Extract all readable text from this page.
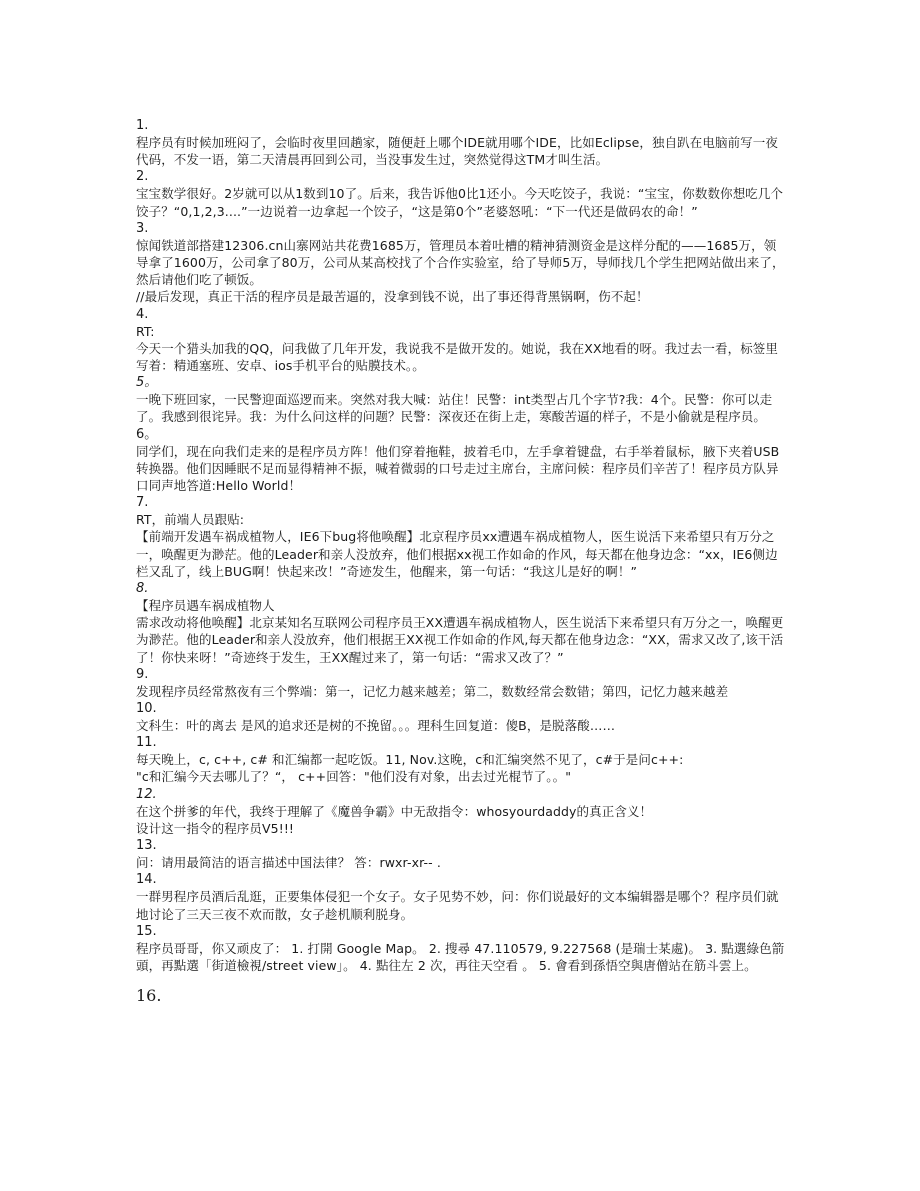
1.
程序员有时候加班闷了，会临时夜里回趟家，随便赶上哪个IDE就用哪个IDE，比如Eclipse，独自趴在电脑前写一夜代码，不发一语，第二天清晨再回到公司，当没事发生过，突然觉得这TM才叫生活。
2.
宝宝数学很好。2岁就可以从1数到10了。后来，我告诉他0比1还小。今天吃饺子，我说：“宝宝，你数数你想吃几个饺子？“0,1,2,3....”一边说着一边拿起一个饺子，“这是第0个”老婆怒吼：“下一代还是做码农的命！”
3.
惊闻铁道部搭建12306.cn山寨网站共花费1685万，管理员本着吐槽的精神猜测资金是这样分配的——1685万，领导拿了1600万，公司拿了80万，公司从某高校找了个合作实验室，给了导师5万，导师找几个学生把网站做出来了，然后请他们吃了顿饭。
//最后发现，真正干活的程序员是最苦逼的，没拿到钱不说，出了事还得背黑锅啊，伤不起！
4.
RT:
今天一个猎头加我的QQ，问我做了几年开发，我说我不是做开发的。她说，我在XX地看的呀。我过去一看，标签里写着：精通塞班、安卓、ios手机平台的贴膜技术。。
5。
一晚下班回家，一民警迎面巡逻而来。突然对我大喊：站住！民警：int类型占几个字节?我：4个。民警：你可以走了。我感到很诧异。我：为什么问这样的问题？民警：深夜还在街上走，寒酸苦逼的样子，不是小偷就是程序员。
6。
同学们，现在向我们走来的是程序员方阵！他们穿着拖鞋，披着毛巾，左手拿着键盘，右手举着鼠标，腋下夹着USB转换器。他们因睡眠不足而显得精神不振，喊着微弱的口号走过主席台，主席问候：程序员们辛苦了！程序员方队异口同声地答道:Hello World！
7.
RT，前端人员跟贴:
【前端开发遇车祸成植物人，IE6下bug将他唤醒】北京程序员xx遭遇车祸成植物人，医生说活下来希望只有万分之一，唤醒更为渺茫。他的Leader和亲人没放弃，他们根据xx视工作如命的作风，每天都在他身边念：“xx，IE6侧边栏又乱了，线上BUG啊！快起来改！”奇迹发生，他醒来，第一句话：“我这儿是好的啊！”
8.
【程序员遇车祸成植物人
需求改动将他唤醒】北京某知名互联网公司程序员王XX遭遇车祸成植物人，医生说活下来希望只有万分之一，唤醒更为渺茫。他的Leader和亲人没放弃，他们根据王XX视工作如命的作风,每天都在他身边念：“XX，需求又改了,该干活了！你快来呀！”奇迹终于发生，王XX醒过来了，第一句话：“需求又改了？”
9.
发现程序员经常熬夜有三个弊端：第一，记忆力越来越差；第二，数数经常会数错；第四，记忆力越来越差
10.
文科生：叶的离去 是风的追求还是树的不挽留。。。理科生回复道：傻B，是脱落酸……
11.
每天晚上，c, c++, c# 和汇编都一起吃饭。11, Nov.这晚，c和汇编突然不见了，c#于是问c++:
"c和汇编今天去哪儿了？“， c++回答："他们没有对象，出去过光棍节了。。"
12.
在这个拼爹的年代，我终于理解了《魔兽争霸》中无敌指令：whosyourdaddy的真正含义！
设计这一指令的程序员V5!!!
13.
问：请用最简洁的语言描述中国法律？ 答：rwxr-xr-- .
14.
一群男程序员酒后乱逛，正要集体侵犯一个女子。女子见势不妙，问：你们说最好的文本编辑器是哪个？程序员们就地讨论了三天三夜不欢而散，女子趁机顺利脱身。
15.
程序员哥哥，你又顽皮了： 1. 打開 Google Map。 2. 搜尋 47.110579, 9.227568 (是瑞士某處)。 3. 點選綠色箭頭，再點選「街道檢視/street view」。 4. 點往左 2 次，再往天空看 。 5. 會看到孫悟空與唐僧站在筋斗雲上。
16.
